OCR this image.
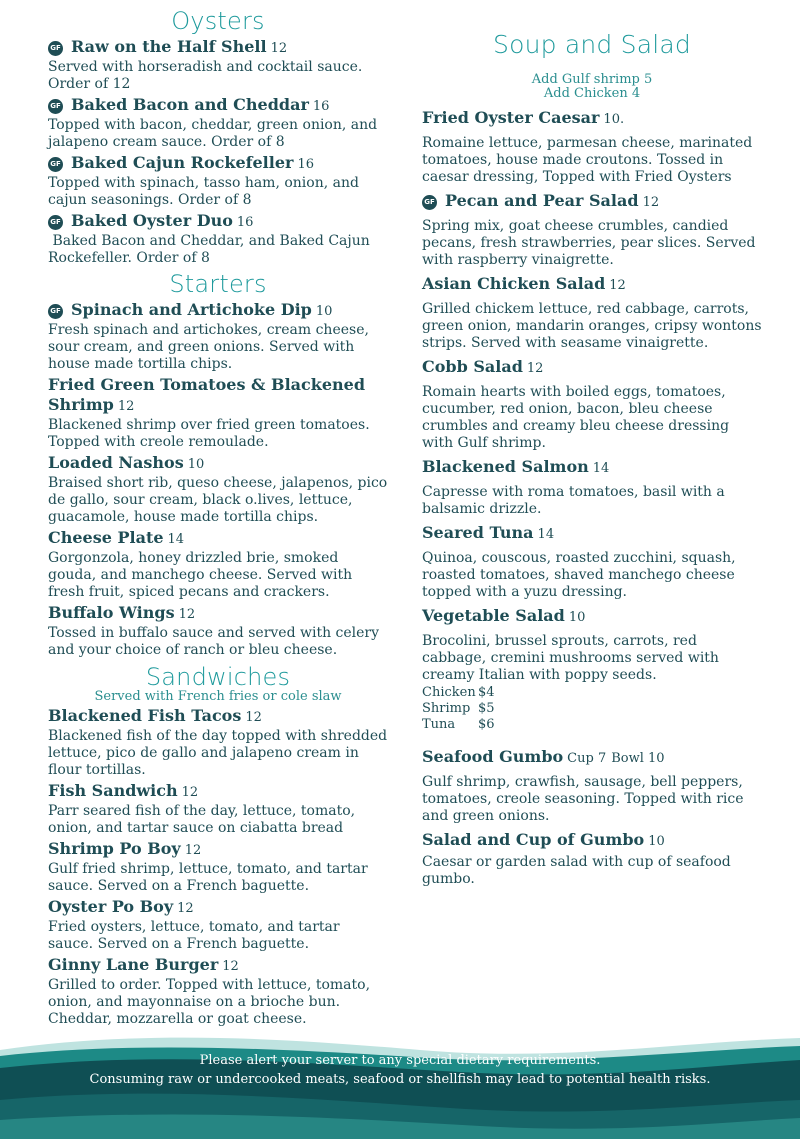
Oysters
GF Raw on the Half Shell 12
Served with horseradish and cocktail sauce. Order of 12
GF Baked Bacon and Cheddar 16
Topped with bacon, cheddar, green onion, and jalapeno cream sauce. Order of 8
GF Baked Cajun Rockefeller 16
Topped with spinach, tasso ham, onion, and cajun seasonings. Order of 8
GF Baked Oyster Duo 16
Baked Bacon and Cheddar, and Baked Cajun Rockefeller. Order of 8
Starters
GF Spinach and Artichoke Dip 10
Fresh spinach and artichokes, cream cheese, sour cream, and green onions. Served with house made tortilla chips.
Fried Green Tomatoes & Blackened
Shrimp 12
Blackened shrimp over fried green tomatoes. Topped with creole remoulade.
Loaded Nashos 10
Braised short rib, queso cheese, jalapenos, pico de gallo, sour cream, black o.lives, lettuce, guacamole, house made tortilla chips.
Cheese Plate 14
Gorgonzola, honey drizzled brie, smoked gouda, and manchego cheese. Served with fresh fruit, spiced pecans and crackers.
Buffalo Wings 12
Tossed in buffalo sauce and served with celery and your choice of ranch or bleu cheese.
Sandwiches
Served with French fries or cole slaw
Blackened Fish Tacos 12
Blackened fish of the day topped with shredded lettuce, pico de gallo and jalapeno cream in flour tortillas.
Fish Sandwich 12
Parr seared fish of the day, lettuce, tomato, onion, and tartar sauce on ciabatta bread
Shrimp Po Boy 12
Gulf fried shrimp, lettuce, tomato, and tartar sauce. Served on a French baguette.
Oyster Po Boy 12
Fried oysters, lettuce, tomato, and tartar sauce. Served on a French baguette.
Ginny Lane Burger 12
Grilled to order. Topped with lettuce, tomato, onion, and mayonnaise on a brioche bun. Cheddar, mozzarella or goat cheese.
Soup and Salad
Add Gulf shrimp 5
Add Chicken 4
Fried Oyster Caesar 10.
Romaine lettuce, parmesan cheese, marinated tomatoes, house made croutons. Tossed in caesar dressing, Topped with Fried Oysters
GF Pecan and Pear Salad 12
Spring mix, goat cheese crumbles, candied pecans, fresh strawberries, pear slices. Served with raspberry vinaigrette.
Asian Chicken Salad 12
Grilled chickem lettuce, red cabbage, carrots, green onion, mandarin oranges, cripsy wontons strips. Served with seasame vinaigrette.
Cobb Salad 12
Romain hearts with boiled eggs, tomatoes, cucumber, red onion, bacon, bleu cheese crumbles and creamy bleu cheese dressing with Gulf shrimp.
Blackened Salmon 14
Capresse with roma tomatoes, basil with a balsamic drizzle.
Seared Tuna 14
Quinoa, couscous, roasted zucchini, squash, roasted tomatoes, shaved manchego cheese topped with a yuzu dressing.
Vegetable Salad 10
Brocolini, brussel sprouts, carrots, red cabbage, cremini mushrooms served with creamy Italian with poppy seeds.
Chicken $4
Shrimp $5
Tuna $6
Seafood Gumbo Cup 7 Bowl 10
Gulf shrimp, crawfish, sausage, bell peppers, tomatoes, creole seasoning. Topped with rice and green onions.
Salad and Cup of Gumbo 10
Caesar or garden salad with cup of seafood gumbo.
Please alert your server to any special dietary requirements.
Consuming raw or undercooked meats, seafood or shellfish may lead to potential health risks.
